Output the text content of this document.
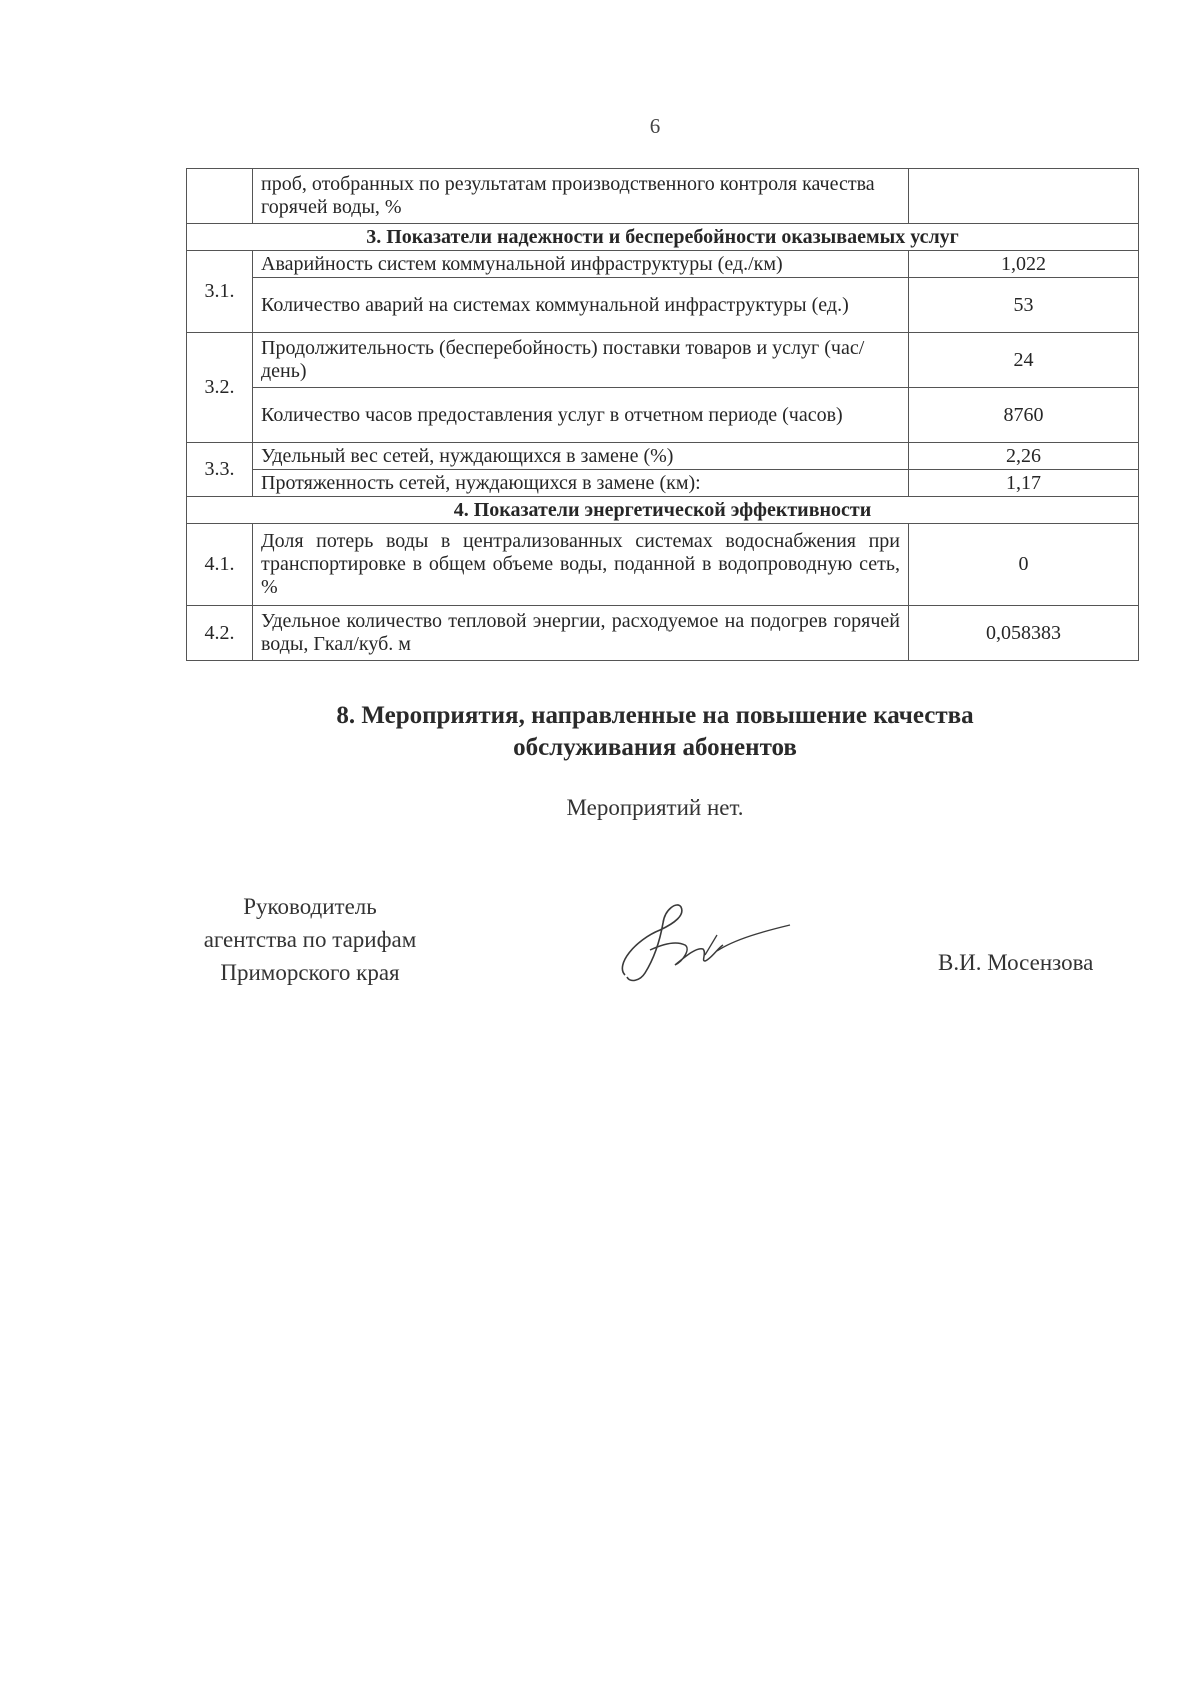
6
	проб, отобранных по результатам производственного контроля качества горячей воды, %	
3. Показатели надежности и бесперебойности оказываемых услуг		
3.1.	Аварийность систем коммунальной инфраструктуры (ед./км)	1,022
	Количество аварий на системах коммунальной инфраструктуры (ед.)	53
3.2.	Продолжительность (бесперебойность) поставки товаров и услуг (час/день)	24
	Количество часов предоставления услуг в отчетном периоде (часов)	8760
3.3.	Удельный вес сетей, нуждающихся в замене (%)	2,26
	Протяженность сетей, нуждающихся в замене (км):	1,17
4. Показатели энергетической эффективности		
4.1.	Доля потерь воды в централизованных системах водоснабжения при транспортировке в общем объеме воды, поданной в водопроводную сеть, %	0
4.2.	Удельное количество тепловой энергии, расходуемое на подогрев горячей воды, Гкал/куб. м	0,058383
8. Мероприятия, направленные на повышение качества
обслуживания абонентов
Мероприятий нет.
Руководитель
агентства по тарифам
Приморского края	В.И. Мосензова
